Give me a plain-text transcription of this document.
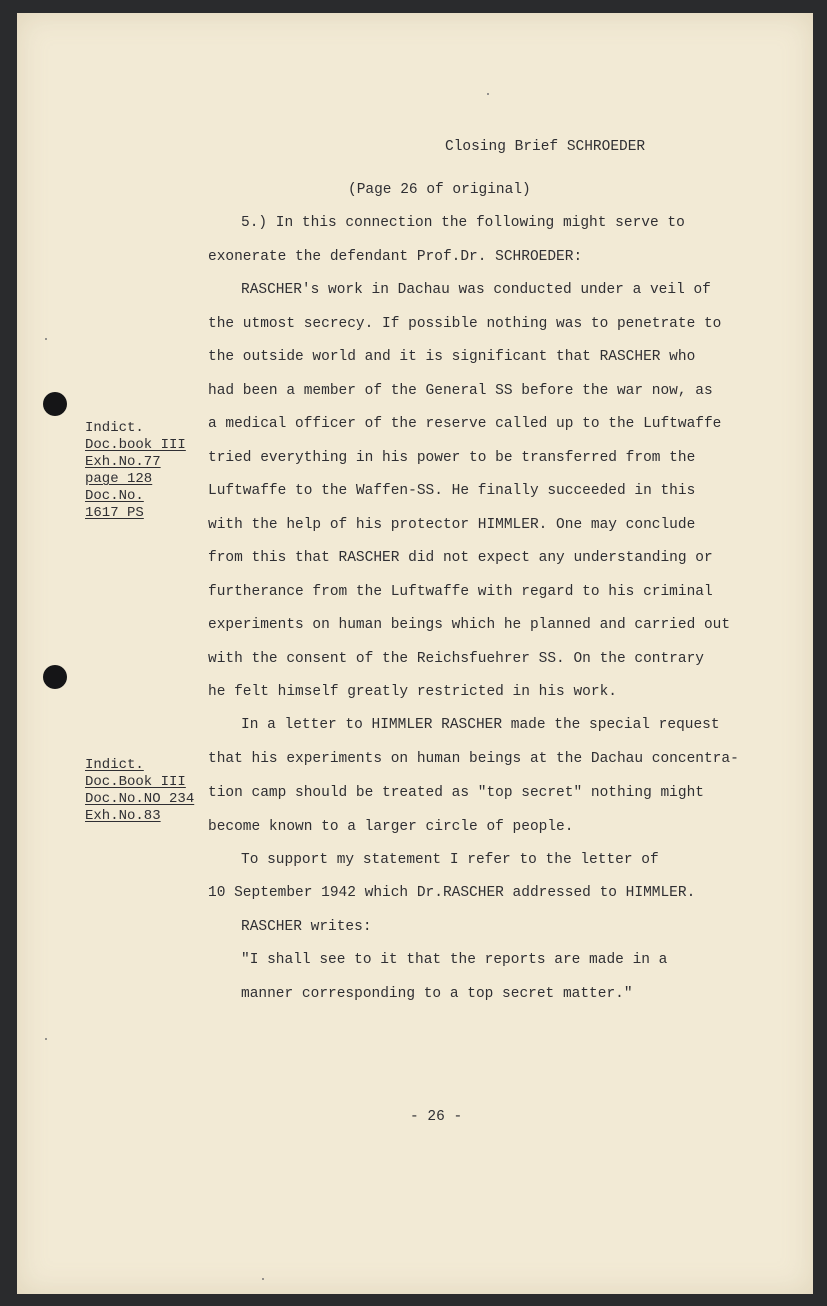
Closing Brief SCHROEDER
(Page 26 of original)
Indict.
Doc.book III
Exh.No.77
page 128
Doc.No.
1617 PS
Indict.
Doc.Book III
Doc.No.NO 234
Exh.No.83
5.) In this connection the following might serve to
exonerate the defendant Prof.Dr. SCHROEDER:
RASCHER's work in Dachau was conducted under a veil of
the utmost secrecy. If possible nothing was to penetrate to
the outside world and it is significant that RASCHER who
had been a member of the General SS before the war now, as
a medical officer of the reserve called up to the Luftwaffe
tried everything in his power to be transferred from the
Luftwaffe to the Waffen-SS. He finally succeeded in this
with the help of his protector HIMMLER. One may conclude
from this that RASCHER did not expect any understanding or
furtherance from the Luftwaffe with regard to his criminal
experiments on human beings which he planned and carried out
with the consent of the Reichsfuehrer SS. On the contrary
he felt himself greatly restricted in his work.
In a letter to HIMMLER RASCHER made the special request
that his experiments on human beings at the Dachau concentra-
tion camp should be treated as "top secret" nothing might
become known to a larger circle of people.
To support my statement I refer to the letter of
10 September 1942 which Dr.RASCHER addressed to HIMMLER.
RASCHER writes:
"I shall see to it that the reports are made in a
manner corresponding to a top secret matter."
- 26 -
